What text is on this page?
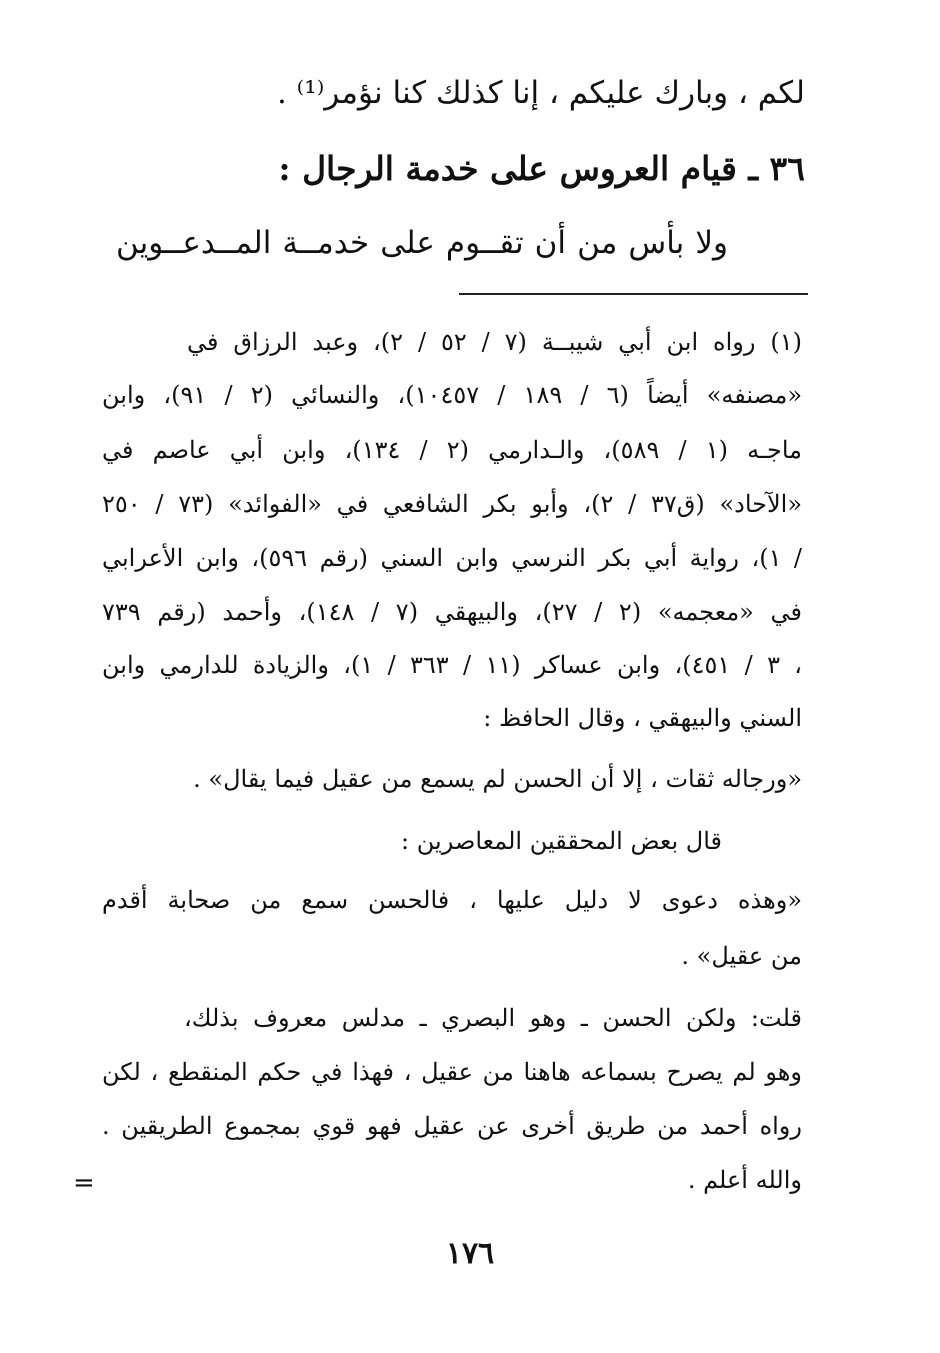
لكم ، وبارك عليكم ، إنا كذلك كنا نؤمر⁽¹⁾ .
٣٦ ـ قيام العروس على خدمة الرجال :
ولا بأس من أن تقــوم على خدمــة المــدعــوين
(١) رواه ابن أبي شيبــة (٧ / ٥٢ / ٢)، وعبد الرزاق في
«مصنفه» أيضاً (٦ / ١٨٩ / ١٠٤٥٧)، والنسائي (٢ / ٩١)، وابن
ماجـه (١ / ٥٨٩)، والـدارمي (٢ / ١٣٤)، وابن أبي عاصم في
«الآحاد» (ق٣٧ / ٢)، وأبو بكر الشافعي في «الفوائد» (٧٣ / ٢٥٠
/ ١)، رواية أبي بكر النرسي وابن السني (رقم ٥٩٦)، وابن الأعرابي
في «معجمه» (٢ / ٢٧)، والبيهقي (٧ / ١٤٨)، وأحمد (رقم ٧٣٩
، ٣ / ٤٥١)، وابن عساكر (١١ / ٣٦٣ / ١)، والزيادة للدارمي وابن
السني والبيهقي ، وقال الحافظ :
«ورجاله ثقات ، إلا أن الحسن لم يسمع من عقيل فيما يقال» .
قال بعض المحققين المعاصرين :
«وهذه دعوى لا دليل عليها ، فالحسن سمع من صحابة أقدم
من عقيل» .
قلت: ولكن الحسن ـ وهو البصري ـ مدلس معروف بذلك،
وهو لم يصرح بسماعه هاهنا من عقيل ، فهذا في حكم المنقطع ، لكن
رواه أحمد من طريق أخرى عن عقيل فهو قوي بمجموع الطريقين .
والله أعلم .
=
١٧٦
